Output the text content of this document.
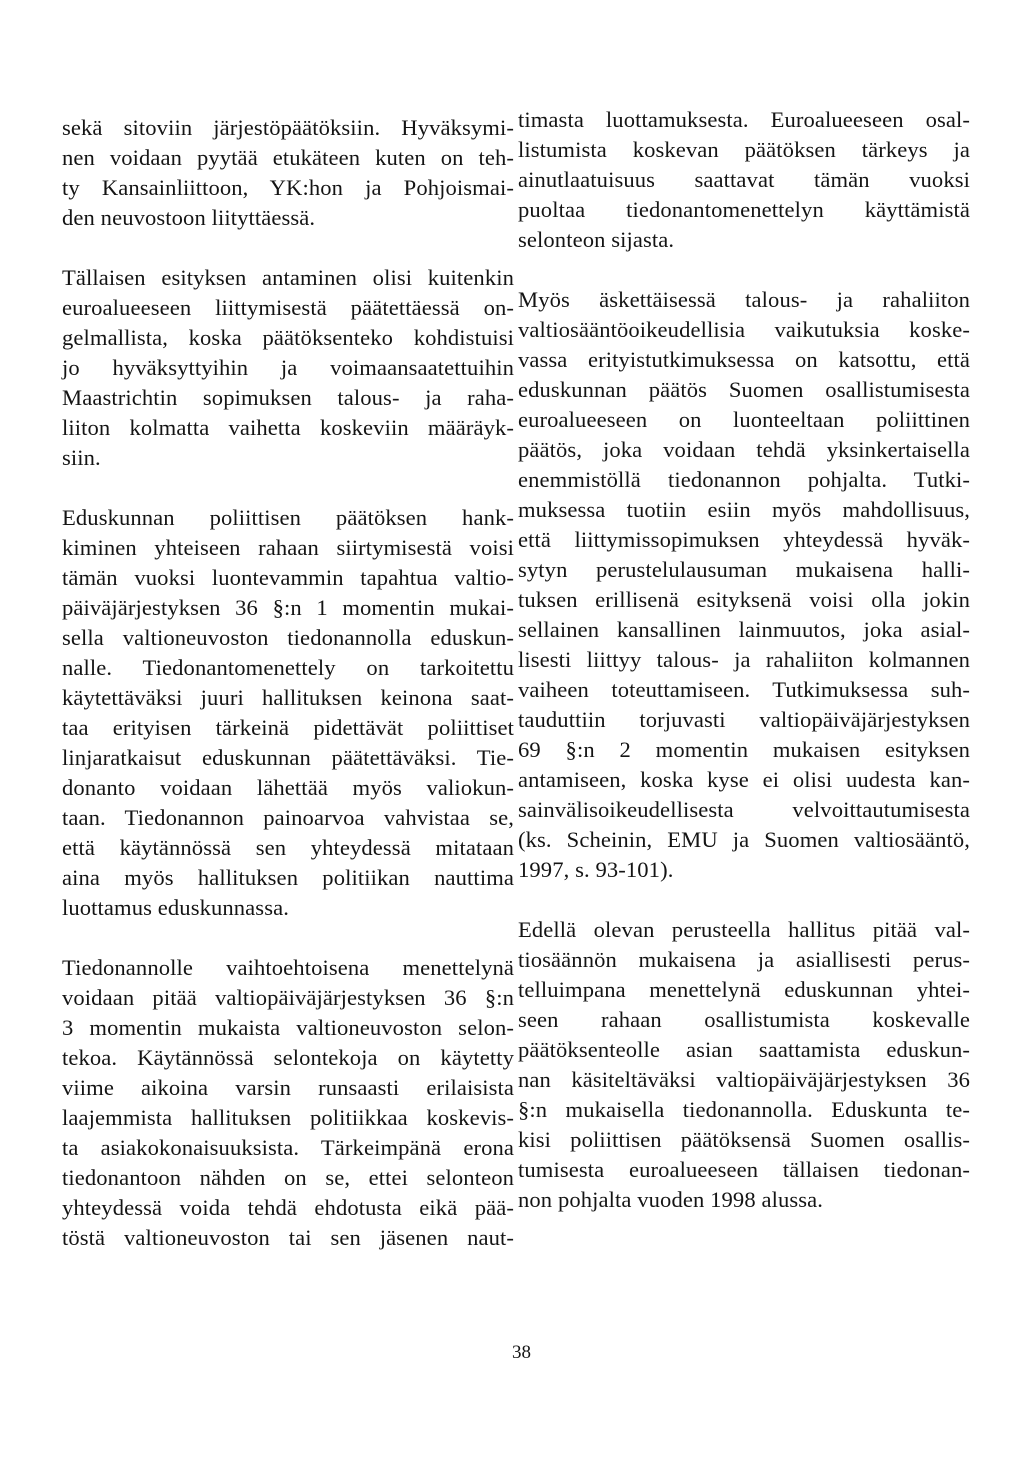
sekä sitoviin järjestöpäätöksiin. Hyväksymi-
nen voidaan pyytää etukäteen kuten on teh-
ty Kansainliittoon, YK:hon ja Pohjoismai-
den neuvostoon liityttäessä.
Tällaisen esityksen antaminen olisi kuitenkin
euroalueeseen liittymisestä päätettäessä on-
gelmallista, koska päätöksenteko kohdistuisi
jo hyväksyttyihin ja voimaansaatettuihin
Maastrichtin sopimuksen talous- ja raha-
liiton kolmatta vaihetta koskeviin määräyk-
siin.
Eduskunnan poliittisen päätöksen hank-
kiminen yhteiseen rahaan siirtymisestä voisi
tämän vuoksi luontevammin tapahtua valtio-
päiväjärjestyksen 36 §:n 1 momentin mukai-
sella valtioneuvoston tiedonannolla eduskun-
nalle. Tiedonantomenettely on tarkoitettu
käytettäväksi juuri hallituksen keinona saat-
taa erityisen tärkeinä pidettävät poliittiset
linjaratkaisut eduskunnan päätettäväksi. Tie-
donanto voidaan lähettää myös valiokun-
taan. Tiedonannon painoarvoa vahvistaa se,
että käytännössä sen yhteydessä mitataan
aina myös hallituksen politiikan nauttima
luottamus eduskunnassa.
Tiedonannolle vaihtoehtoisena menettelynä
voidaan pitää valtiopäiväjärjestyksen 36 §:n
3 momentin mukaista valtioneuvoston selon-
tekoa. Käytännössä selontekoja on käytetty
viime aikoina varsin runsaasti erilaisista
laajemmista hallituksen politiikkaa koskevis-
ta asiakokonaisuuksista. Tärkeimpänä erona
tiedonantoon nähden on se, ettei selonteon
yhteydessä voida tehdä ehdotusta eikä pää-
töstä valtioneuvoston tai sen jäsenen naut-
timasta luottamuksesta. Euroalueeseen osal-
listumista koskevan päätöksen tärkeys ja
ainutlaatuisuus saattavat tämän vuoksi
puoltaa tiedonantomenettelyn käyttämistä
selonteon sijasta.
Myös äskettäisessä talous- ja rahaliiton
valtiosääntöoikeudellisia vaikutuksia koske-
vassa erityistutkimuksessa on katsottu, että
eduskunnan päätös Suomen osallistumisesta
euroalueeseen on luonteeltaan poliittinen
päätös, joka voidaan tehdä yksinkertaisella
enemmistöllä tiedonannon pohjalta. Tutki-
muksessa tuotiin esiin myös mahdollisuus,
että liittymissopimuksen yhteydessä hyväk-
sytyn perustelulausuman mukaisena halli-
tuksen erillisenä esityksenä voisi olla jokin
sellainen kansallinen lainmuutos, joka asial-
lisesti liittyy talous- ja rahaliiton kolmannen
vaiheen toteuttamiseen. Tutkimuksessa suh-
tauduttiin torjuvasti valtiopäiväjärjestyksen
69 §:n 2 momentin mukaisen esityksen
antamiseen, koska kyse ei olisi uudesta kan-
sainvälisoikeudellisesta velvoittautumisesta
(ks. Scheinin, EMU ja Suomen valtiosääntö,
1997, s. 93-101).
Edellä olevan perusteella hallitus pitää val-
tiosäännön mukaisena ja asiallisesti perus-
telluimpana menettelynä eduskunnan yhtei-
seen rahaan osallistumista koskevalle
päätöksenteolle asian saattamista eduskun-
nan käsiteltäväksi valtiopäiväjärjestyksen 36
§:n mukaisella tiedonannolla. Eduskunta te-
kisi poliittisen päätöksensä Suomen osallis-
tumisesta euroalueeseen tällaisen tiedonan-
non pohjalta vuoden 1998 alussa.
38
